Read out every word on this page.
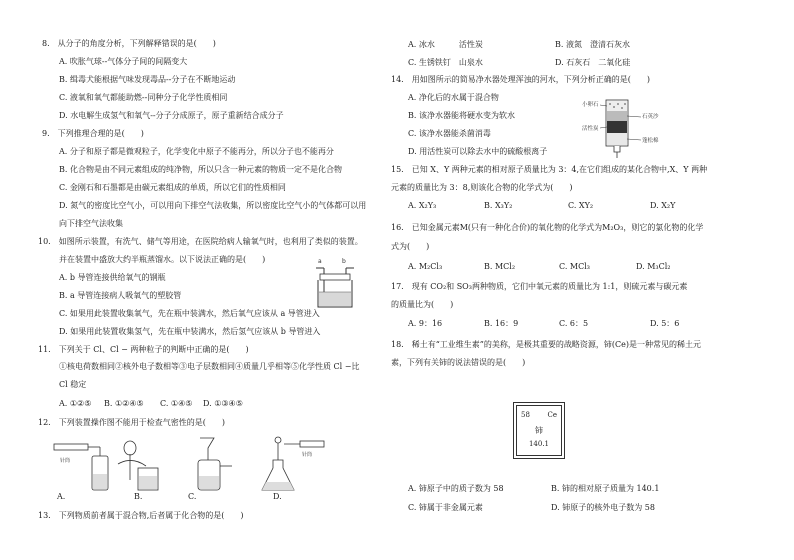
8.　从分子的角度分析，下列解释错误的是(　　)
A. 吹胀气球--气体分子间的间隔变大
B. 缉毒犬能根据气味发现毒品--分子在不断地运动
C. 液氧和氧气都能助燃--同种分子化学性质相同
D. 水电解生成氢气和氧气--分子分成原子，原子重新结合成分子
9.　下列推理合理的是(　　)
A. 分子和原子都是微观粒子，化学变化中原子不能再分，所以分子也不能再分
B. 化合物是由不同元素组成的纯净物，所以只含一种元素的物质一定不是化合物
C. 金刚石和石墨都是由碳元素组成的单质，所以它们的性质相同
D. 氮气的密度比空气小，可以用向下排空气法收集，所以密度比空气小的气体都可以用
向下排空气法收集
10.　如图所示装置，有洗气、储气等用途，在医院给病人输氧气时，也利用了类似的装置。
并在装置中盛放大约半瓶蒸馏水。以下说法正确的是(　　)
A. b 导管连接供给氧气的钢瓶
B. a 导管连接病人吸氧气的塑胶管
C. 如果用此装置收集氧气，先在瓶中装满水，然后氧气应该从 a 导管进入
D. 如果用此装置收集氢气，先在瓶中装满水，然后氢气应该从 b 导管进入
a	b
11.　下列关于 Cl、Cl − 两种粒子的判断中正确的是(　　)
①核电荷数相同②核外电子数相等③电子层数相同④质量几乎相等⑤化学性质 Cl −比
Cl 稳定
A. ①②⑤ B. ①②④⑤ C. ①④⑤ D. ①③④⑤
12.　下列装置操作图不能用于检查气密性的是(　　)
针筒
针筒
A.	B.	C.	D.
13.　下列物质前者属于混合物,后者属于化合物的是(　　)
A. 冰水　　　活性炭	B. 液氮　澄清石灰水
C. 生锈铁钉　山泉水	D. 石灰石　二氧化硅
14.　用如图所示的简易净水器处理浑浊的河水，下列分析正确的是(　　)
A. 净化后的水属于混合物
B. 该净水器能将硬水变为软水
C. 该净水器能杀菌消毒
D. 用活性炭可以除去水中的硫酸根离子
小卵石
石英沙
活性炭
蓬松棉
15.　已知 X、Y 两种元素的相对原子质量比为 3：4,在它们组成的某化合物中,X、Y 两种
元素的质量比为 3：8,则该化合物的化学式为(　　)
A. X₂Y₃	B. X₃Y₂	C. XY₂	D. X₂Y
16.　已知金属元素M(只有一种化合价)的氧化物的化学式为M₂O₃，则它的氯化物的化学
式为(　　)
A. M₂Cl₃	B. MCl₂	C. MCl₃	D. M₃Cl₂
17.　现有 CO₂和 SO₃两种物质，它们中氧元素的质量比为 1:1，则硫元素与碳元素
的质量比为(　　)
A. 9：16	B. 16：9	C. 6：5	D. 5：6
18.　稀土有“工业维生素”的美称，是极其重要的战略资源，铈(Ce)是一种常见的稀土元
素，下列有关铈的说法错误的是(　　)
58	Ce
铈
140.1
A. 铈原子中的质子数为 58	B. 铈的相对原子质量为 140.1
C. 铈属于非金属元素	D. 铈原子的核外电子数为 58
